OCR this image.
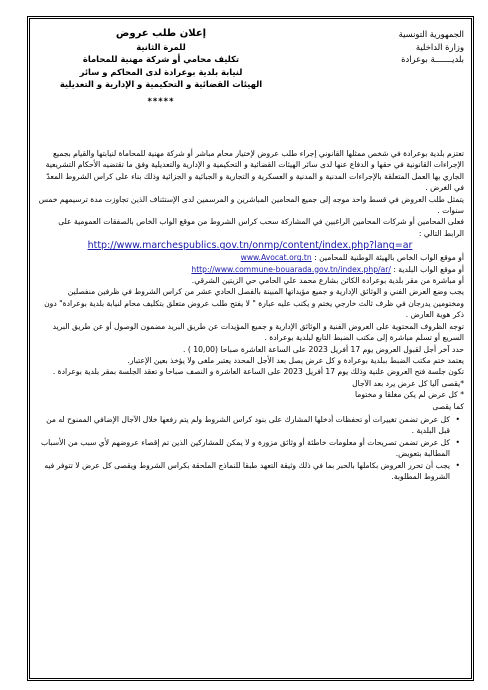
الجمهورية التونسية
وزارة الداخلية
بلديـــــــة بوعرادة
إعلان طلب عروض
للمرة الثانية
تكليف محامي أو شركة مهنية للمحاماة
لنيابة بلدية بوعرادة لدى المحاكم و سائر
الهيئات القضائية و التحكيمية و الإدارية و التعديلية
*****

تعتزم بلدية بوعرادة في شخص ممثلها القانوني إجراء طلب عروض لإختيار محام مباشر أو شركة مهنية للمحاماة لنيابتها والقيام بجميع الإجراءات القانونية في حقها و الدفاع عنها لدى سائر الهيئات القضائية و التحكيمية و الإدارية والتعديلية وفق ما تقتضيه الأحكام التشريعية الجاري بها العمل المتعلقة بالإجراءات المدنية و المدنية و العسكرية و التجارية و الجبائية و الجزائية وذلك بناء على كراس الشروط المعدّ في الغرض .

يتمثل طلب العروض في قسط واحد موجه إلى جميع المحامين المباشرين و المرسمين لدى الإستئناف الذين تجاوزت مدة ترسيمهم خمس سنوات .

فعلى المحامين أو شركات المحامين الراغبين في المشاركة سحب كراس الشروط من موقع الواب الخاص بالصفقات العمومية على الرابط التالي :

http://www.marchespublics.gov.tn/onmp/content/index.php?lang=ar

أو موقع الواب الخاص بالهيئة الوطنية للمحامين : www.Avocat.org.tn

أو موقع الواب البلدية : http://www.commune-bouarada.gov.tn/index.php/ar/

أو مباشرة من مقر بلدية بوعرادة الكائن بشارع محمد علي الحامي حي الزيتين الشرقي.

يجب وضع العرض الفني و الوثائق الإدارية و جميع مؤيداتها المبينة بالفصل الحادي عشر من كراس الشروط في ظرفين منفصلين ومختومين يدرجان في ظرف ثالث خارجي يختم و يكتب عليه عبارة " لا يفتح طلب عروض متعلق بتكليف محام لنيابة بلدية بوعرادة" دون ذكر هوية العارض .

توجه الظروف المحتوية على العروض الفنية و الوثائق الإدارية و جميع المؤيدات عن طريق البريد مضمون الوصول أو عن طريق البريد السريع أو تسلم مباشرة إلى مكتب الضبط التابع لبلدية بوعرادة .

حدد آخر أجل لقبول العروض يوم 17 أفريل 2023 على الساعة العاشرة صباحا (10,00 ) .

يعتمد ختم مكتب الضبط ببلدية بوعرادة و كل عرض يصل بعد الأجل المحدد يعتبر ملغى ولا يؤخذ بعين الإعتبار.

تكون جلسة فتح العروض علنية وذلك يوم 17 أفريل 2023 على الساعة العاشرة و النصف صباحا و تعقد الجلسة بمقر بلدية بوعرادة .

*يقصى آليا كل عرض يرد بعد الآجال

* كل عرض لم يكن مغلقا و مختوما

كما يقصى

• كل عرض تضمن تغييرات أو تحفظات أدخلها المشارك على بنود كراس الشروط ولم يتم رفعها خلال الآجال الإضافي الممنوح له من قبل البلدية .
• كل عرض تضمن تصريحات أو معلومات خاطئة أو وثائق مزورة و لا يمكن للمشاركين الذين تم إقصاء عروضهم لأي سبب من الأسباب المطالبة بتعويض.
• يجب أن تحرر العروض بكاملها بالحبر بما في ذلك وثيقة التعهد طبقا للنماذج الملحقة بكراس الشروط ويقصى كل عرض لا تتوفر فيه الشروط المطلوبة.
